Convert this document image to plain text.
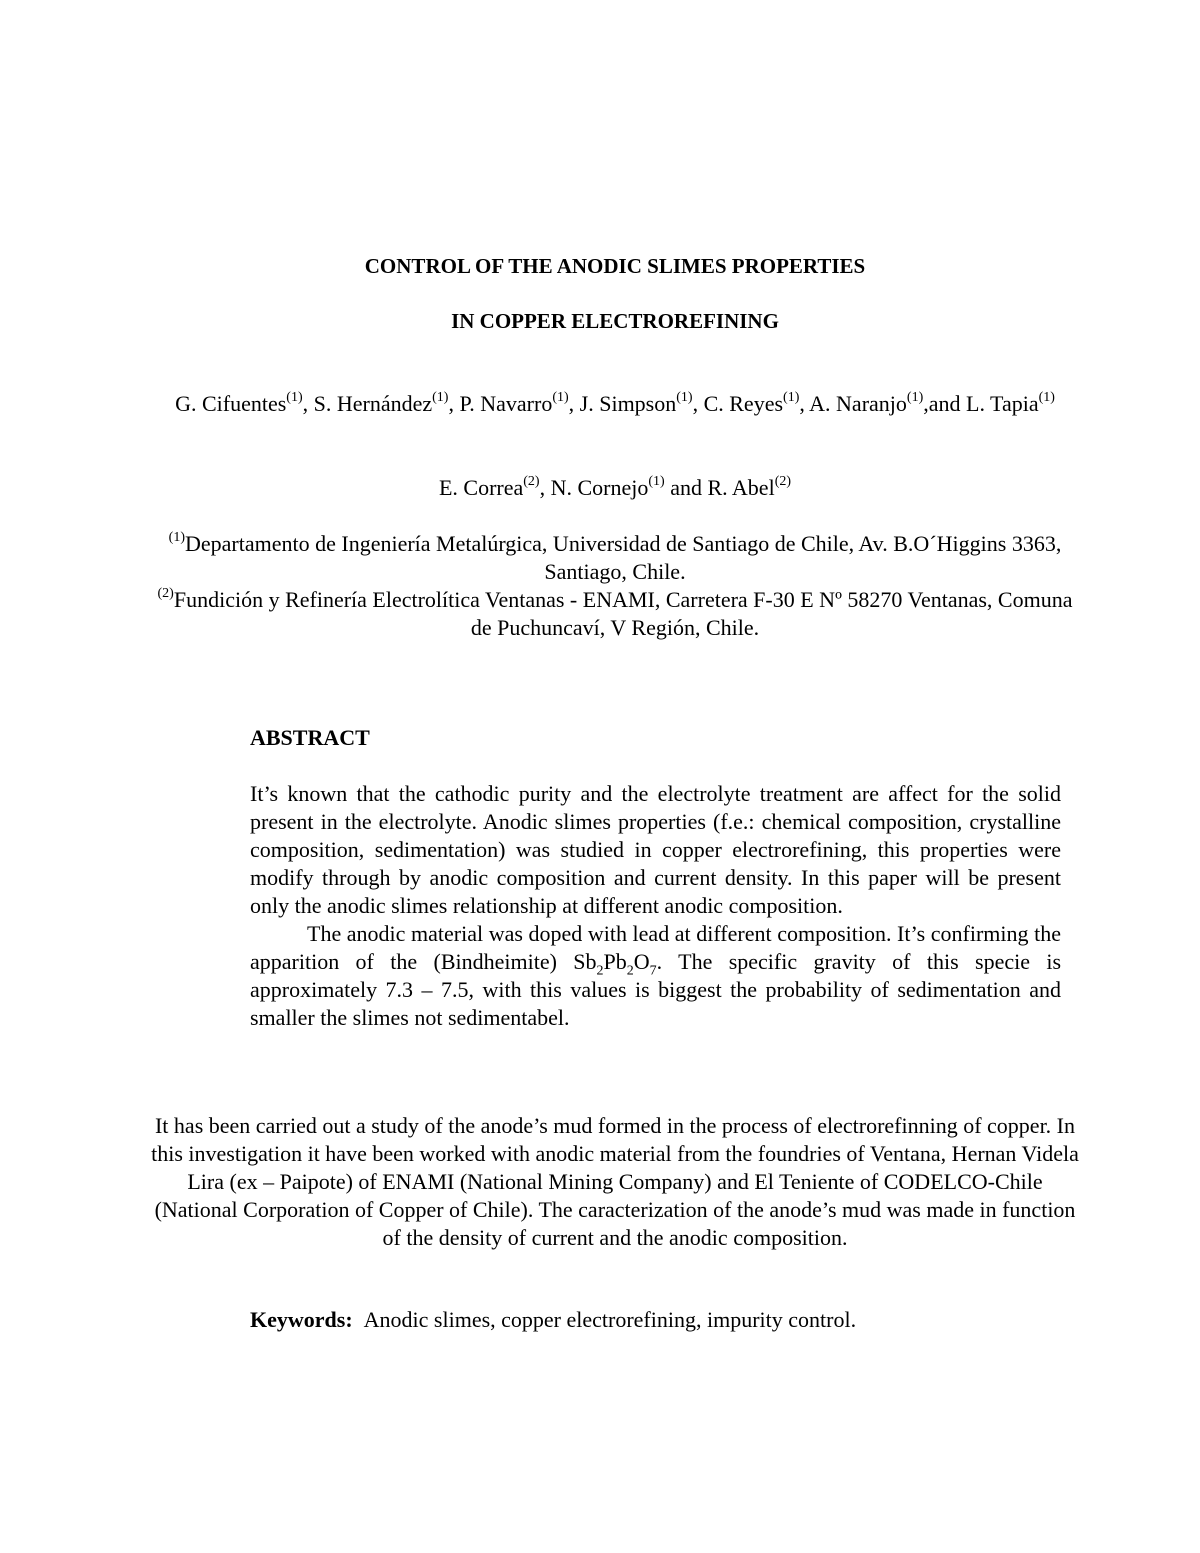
CONTROL OF THE ANODIC SLIMES PROPERTIES
IN COPPER ELECTROREFINING

G. Cifuentes$^{(1)}$, S. Hernández$^{(1)}$, P. Navarro$^{(1)}$, J. Simpson$^{(1)}$, C. Reyes$^{(1)}$, A. Naranjo$^{(1)}$,and L. Tapia$^{(1)}$

E. Correa$^{(2)}$, N. Cornejo$^{(1)}$ and R. Abel$^{(2)}$

$^{(1)}$Departamento de Ingeniería Metalúrgica, Universidad de Santiago de Chile, Av. B.O´Higgins 3363, Santiago, Chile.

$^{(2)}$Fundición y Refinería Electrolítica Ventanas - ENAMI, Carretera F-30 E Nº 58270 Ventanas, Comuna de Puchuncaví, V Región, Chile.

ABSTRACT

It’s known that the cathodic purity and the electrolyte treatment are affect for the solid present in the electrolyte. Anodic slimes properties (f.e.: chemical composition, crystalline composition, sedimentation) was studied in copper electrorefining, this properties were modify through by anodic composition and current density. In this paper will be present only the anodic slimes relationship at different anodic composition.

The anodic material was doped with lead at different composition. It’s confirming the apparition of the (Bindheimite) $Sb_2Pb_2O_7$. The specific gravity of this specie is approximately 7.3 – 7.5, with this values is biggest the probability of sedimentation and smaller the slimes not sedimentabel.

It has been carried out a study of the anode’s mud formed in the process of electrorefinning of copper. In this investigation it have been worked with anodic material from the foundries of Ventana, Hernan Videla Lira (ex – Paipote) of ENAMI (National Mining Company) and El Teniente of CODELCO-Chile (National Corporation of Copper of Chile). The caracterization of the anode’s mud was made in function of the density of current and the anodic composition.

Keywords: Anodic slimes, copper electrorefining, impurity control.
